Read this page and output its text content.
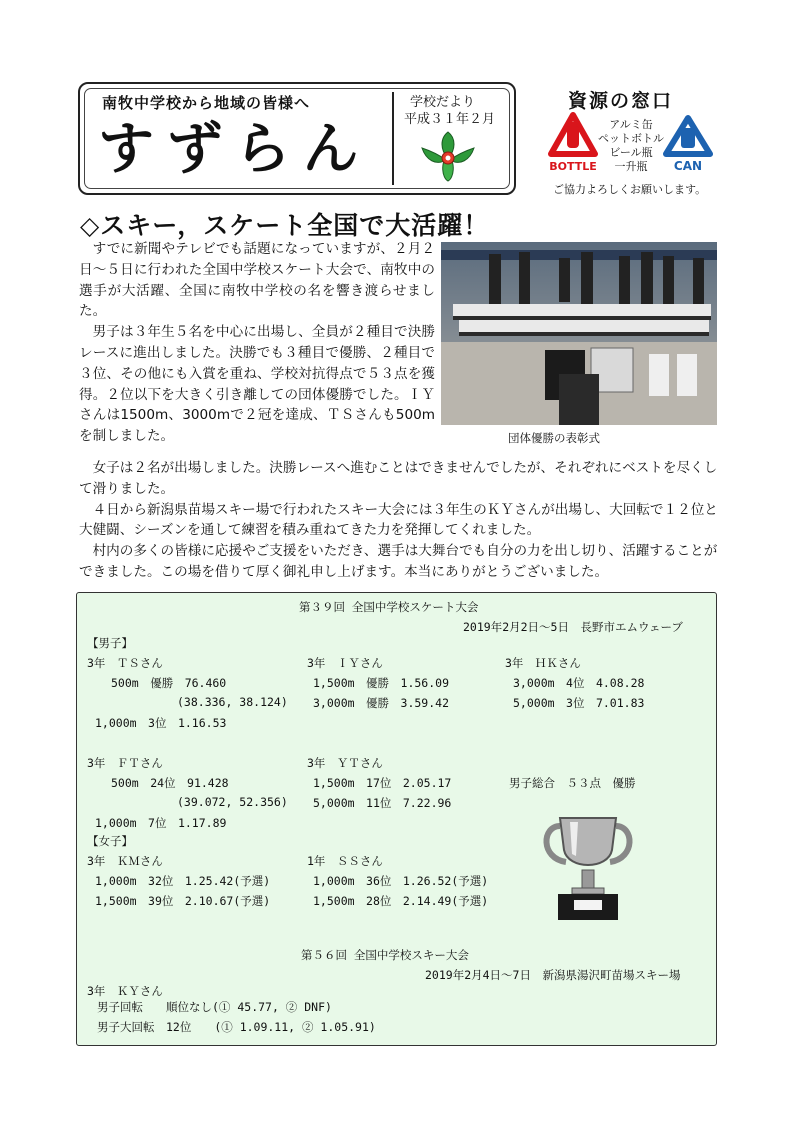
南牧中学校から地域の皆様へ
すずらん
学校だより
平成３１年２月
資源の窓口
BOTTLE
アルミ缶
ペットボトル
ビール瓶
一升瓶	CAN
ご協力よろしくお願いします。
◇スキー，スケート全国で大活躍！

すでに新聞やテレビでも話題になっていますが、２月２日～５日に行われた全国中学校スケート大会で、南牧中の選手が大活躍、全国に南牧中学校の名を響き渡らせました。

男子は３年生５名を中心に出場し、全員が２種目で決勝レースに進出しました。決勝でも３種目で優勝、２種目で３位、その他にも入賞を重ね、学校対抗得点で５３点を獲得。２位以下を大きく引き離しての団体優勝でした。ＩＹさんは1500m、3000mで２冠を達成、ＴＳさんも500mを制しました。	団体優勝の表彰式

女子は２名が出場しました。決勝レースへ進むことはできませんでしたが、それぞれにベストを尽くして滑りました。

４日から新潟県苗場スキー場で行われたスキー大会には３年生のＫＹさんが出場し、大回転で１２位と大健闘、シーズンを通して練習を積み重ねてきた力を発揮してくれました。

村内の多くの皆様に応援やご支援をいただき、選手は大舞台でも自分の力を出し切り、活躍することができました。この場を借りて厚く御礼申し上げます。本当にありがとうございました。

第３９回 全国中学校スケート大会
2019年2月2日～5日　長野市エムウェーブ
【男子】
3年　ＴＳさん
500m　優勝　76.460
(38.336, 38.124)
1,000m　3位　1.16.53
3年　ＩＹさん
1,500m　優勝　1.56.09
3,000m　優勝　3.59.42
3年　ＨＫさん
3,000m　4位　4.08.28
5,000m　3位　7.01.83
3年　ＦＴさん
500m　24位　91.428
(39.072, 52.356)
1,000m　7位　1.17.89
3年　ＹＴさん
1,500m　17位　2.05.17
5,000m　11位　7.22.96
男子総合　５３点　優勝
【女子】
3年　ＫＭさん
1,000m　32位　1.25.42(予選)
1,500m　39位　2.10.67(予選)
1年　ＳＳさん
1,000m　36位　1.26.52(予選)
1,500m　28位　2.14.49(予選)
第５６回 全国中学校スキー大会
2019年2月4日～7日　新潟県湯沢町苗場スキー場
3年　ＫＹさん
男子回転　　順位なし(① 45.77, ② DNF)
男子大回転　12位　　(① 1.09.11, ② 1.05.91)
